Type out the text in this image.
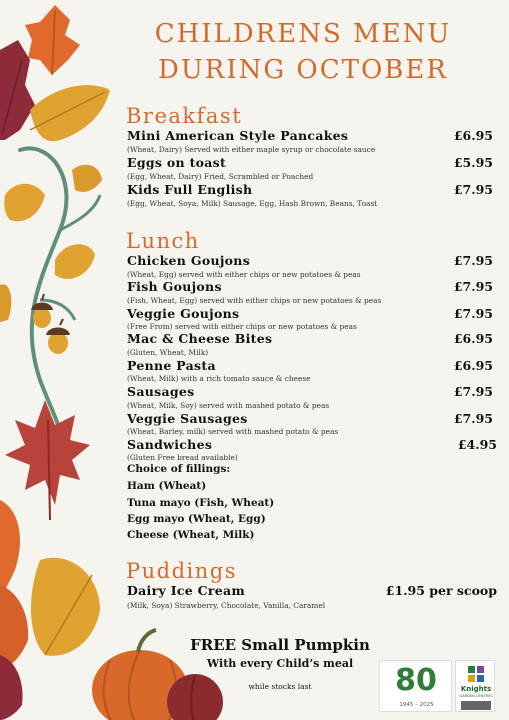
CHILDRENS MENU
DURING OCTOBER
Breakfast
Mini American Style Pancakes	£6.95
(Wheat, Dairy) Served with either maple syrup or chocolate sauce
Eggs on toast	£5.95
(Egg, Wheat, Dairy) Fried, Scrambled or Poached
Kids Full English	£7.95
(Egg, Wheat, Soya, Milk) Sausage, Egg, Hash Brown, Beans, Toast
Lunch
Chicken Goujons	£7.95
(Wheat, Egg) served with either chips or new potatoes & peas
Fish Goujons	£7.95
(Fish, Wheat, Egg) served with either chips or new potatoes & peas
Veggie Goujons	£7.95
(Free From) served with either chips or new potatoes & peas
Mac & Cheese Bites	£6.95
(Gluten, Wheat, Milk)
Penne Pasta	£6.95
(Wheat, Milk) with a rich tomato sauce & cheese
Sausages	£7.95
(Wheat, Milk, Soy) served with mashed potato & peas
Veggie Sausages	£7.95
(Wheat, Barley, milk) served with mashed potato & peas
Sandwiches	£4.95
(Gluten Free bread available)
Choice of fillings:
Ham (Wheat)
Tuna mayo (Fish, Wheat)
Egg mayo (Wheat, Egg)
Cheese (Wheat, Milk)
Puddings
Dairy Ice Cream	£1.95 per scoop
(Milk, Soya) Strawberry, Chocolate, Vanilla, Caramel
FREE Small Pumpkin
With every Child’s meal
while stocks last	80
1945 – 2025
Knights
GARDEN CENTRES
